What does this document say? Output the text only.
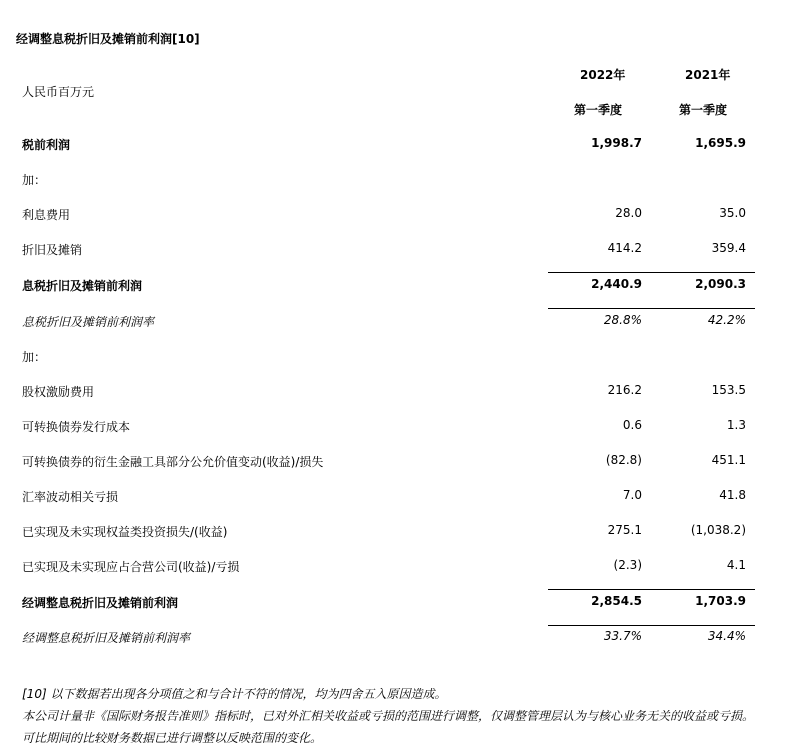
经调整息税折旧及摊销前利润[10]
2022年	2021年
人民币百万元
第一季度	第一季度
税前利润	1,998.7	1,695.9
加：
利息费用	28.0	35.0
折旧及摊销	414.2	359.4
息税折旧及摊销前利润	2,440.9	2,090.3
息税折旧及摊销前利润率	28.8%	42.2%
加：
股权激励费用	216.2	153.5
可转换债券发行成本	0.6	1.3
可转换债券的衍生金融工具部分公允价值变动(收益)/损失	(82.8)	451.1
汇率波动相关亏损	7.0	41.8
已实现及未实现权益类投资损失/(收益)	275.1	(1,038.2)
已实现及未实现应占合营公司(收益)/亏损	(2.3)	4.1
经调整息税折旧及摊销前利润	2,854.5	1,703.9
经调整息税折旧及摊销前利润率	33.7%	34.4%
[10] 以下数据若出现各分项值之和与合计不符的情况，均为四舍五入原因造成。
本公司计量非《国际财务报告准则》指标时，已对外汇相关收益或亏损的范围进行调整，仅调整管理层认为与核心业务无关的收益或亏损。
可比期间的比较财务数据已进行调整以反映范围的变化。
